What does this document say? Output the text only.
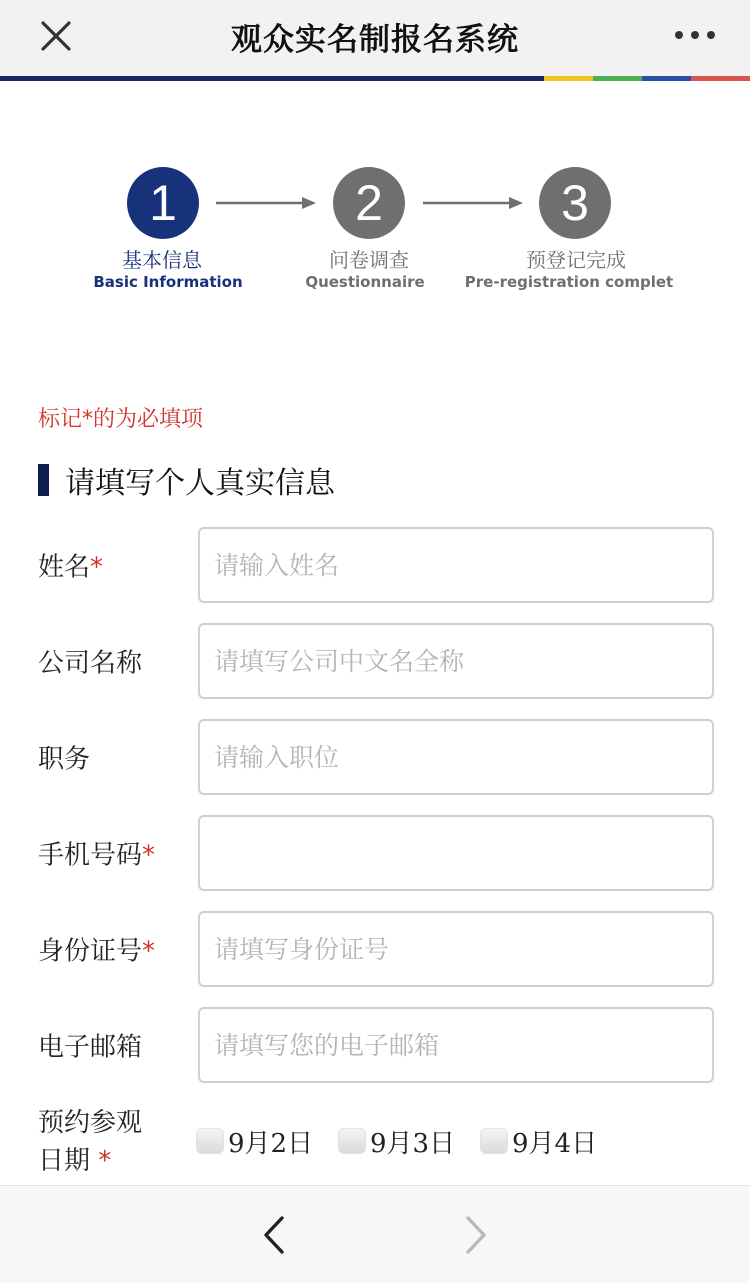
观众实名制报名系统
1
基本信息
Basic Information
2
问卷调查
Questionnaire
3
预登记完成
Pre-registration complet
标记*的为必填项
请填写个人真实信息
姓名*
请输入姓名
公司名称
请填写公司中文名全称
职务
请输入职位
手机号码*
身份证号*
请填写身份证号
电子邮箱
请填写您的电子邮箱
预约参观
日期 *
9月2日 9月3日 9月4日
